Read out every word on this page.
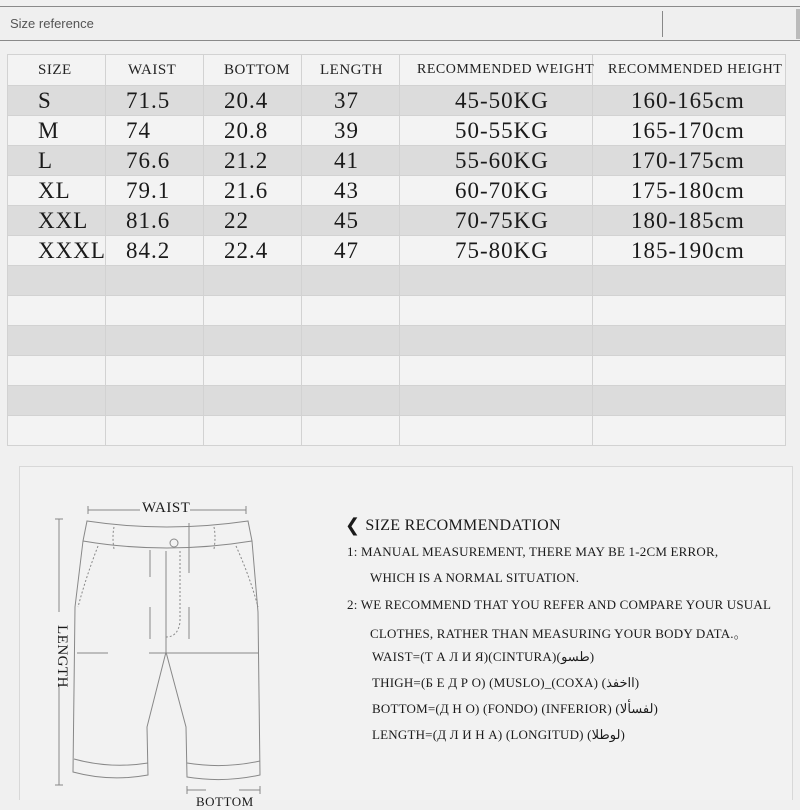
Size reference
SIZE	WAIST	BOTTOM	LENGTH	RECOMMENDED WEIGHT	RECOMMENDED HEIGHT
S	71.5	20.4	37	45-50KG	160-165cm
M	74	20.8	39	50-55KG	165-170cm
L	76.6	21.2	41	55-60KG	170-175cm
XL	79.1	21.6	43	60-70KG	175-180cm
XXL	81.6	22	45	70-75KG	180-185cm
XXXL	84.2	22.4	47	75-80KG	185-190cm

WAIST
LENGTH
BOTTOM
❮ SIZE RECOMMENDATION
1: MANUAL MEASUREMENT, THERE MAY BE 1-2CM ERROR,
WHICH IS A NORMAL SITUATION.
2: WE RECOMMEND THAT YOU REFER AND COMPARE YOUR USUAL
CLOTHES, RATHER THAN MEASURING YOUR BODY DATA.。
WAIST=(Т А Л И Я)(CINTURA)(طسو)
THIGH=(Б Е Д Р О) (MUSLO)_(COXA) (ااخفذ)
BOTTOM=(Д Н О) (FONDO) (INFERIOR) (لفسألا)
LENGTH=(Д Л И Н А) (LONGITUD) (لوطلا)
